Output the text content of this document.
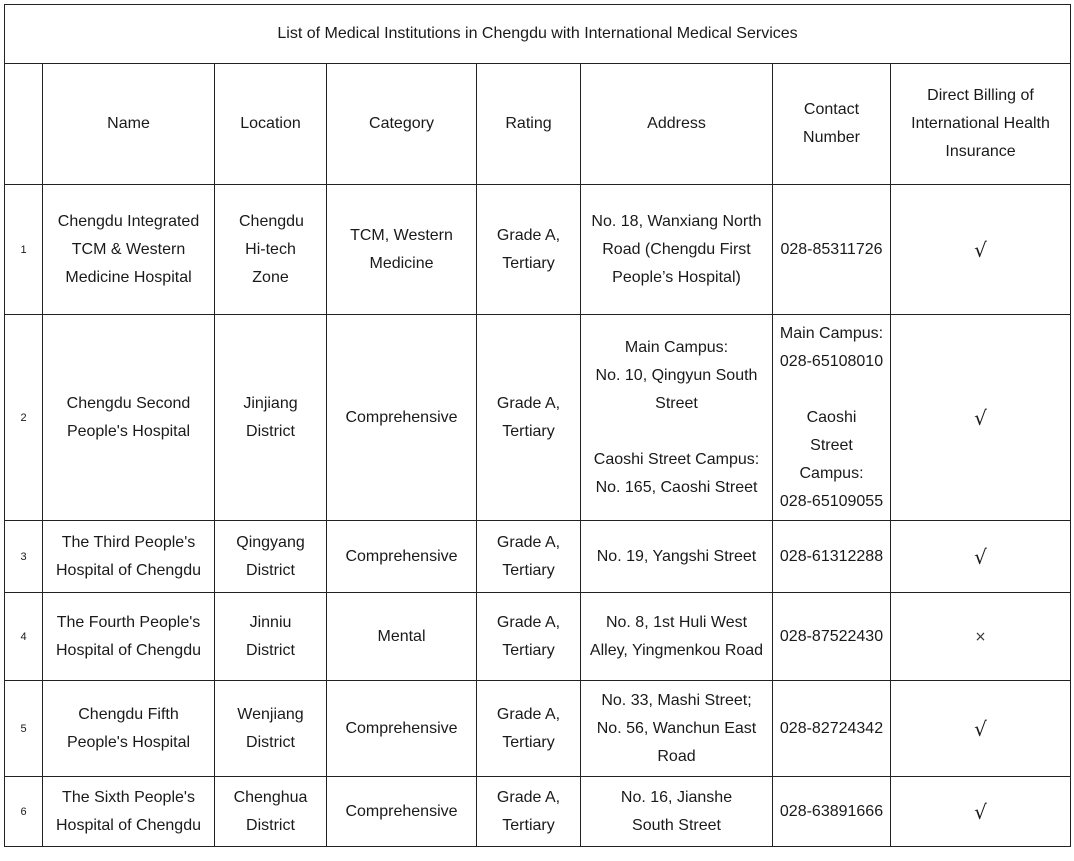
List of Medical Institutions in Chengdu with International Medical Services							
	Name	Location	Category	Rating	Address	Contact Number	Direct Billing of International Health Insurance
1	Chengdu Integrated TCM & Western Medicine Hospital	Chengdu Hi-tech Zone	TCM, Western Medicine	Grade A, Tertiary	No. 18, Wanxiang North Road (Chengdu First People’s Hospital)	028-85311726	√
2	Chengdu Second People's Hospital	Jinjiang District	Comprehensive	Grade A, Tertiary	Main Campus:
No. 10, Qingyun South Street
Caoshi Street Campus:
No. 165, Caoshi Street	Main Campus:
028-65108010
Caoshi Street Campus:
028-65109055	√
3	The Third People's Hospital of Chengdu	Qingyang District	Comprehensive	Grade A, Tertiary	No. 19, Yangshi Street	028-61312288	√
4	The Fourth People's Hospital of Chengdu	Jinniu District	Mental	Grade A, Tertiary	No. 8, 1st Huli West Alley, Yingmenkou Road	028-87522430	×
5	Chengdu Fifth People's Hospital	Wenjiang District	Comprehensive	Grade A, Tertiary	No. 33, Mashi Street; No. 56, Wanchun East Road	028-82724342	√
6	The Sixth People's Hospital of Chengdu	Chenghua District	Comprehensive	Grade A, Tertiary	No. 16, Jianshe South Street	028-63891666	√
